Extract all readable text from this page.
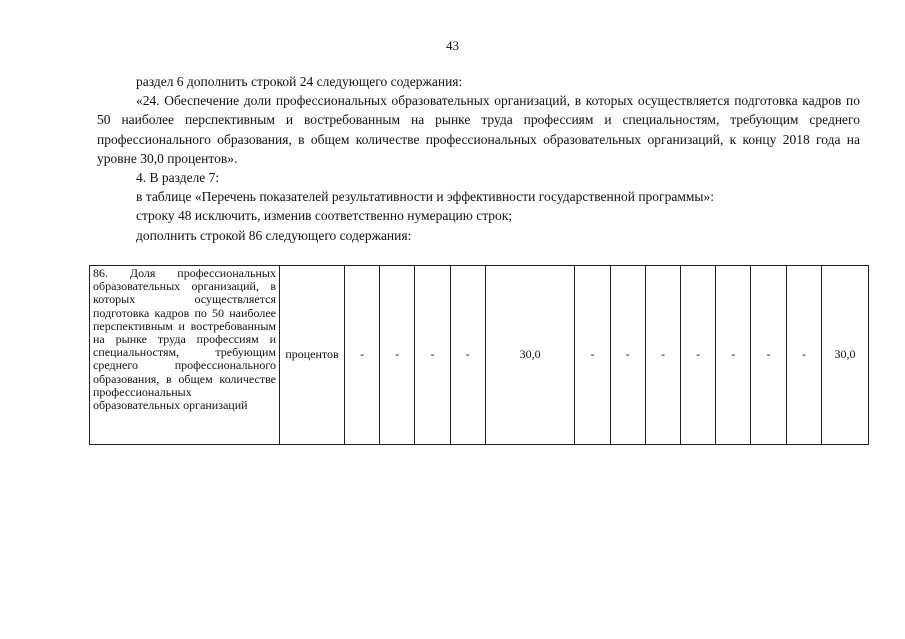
43

раздел 6 дополнить строкой 24 следующего содержания:

«24. Обеспечение доли профессиональных образовательных организаций, в которых осуществляется подготовка кадров по 50 наиболее перспективным и востребованным на рынке труда профессиям и специальностям, требующим среднего профессионального образования, в общем количестве профессиональных образовательных организаций, к концу 2018 года на уровне 30,0 процентов».

4. В разделе 7:

в таблице «Перечень показателей результативности и эффективности государственной программы»:

строку 48 исключить, изменив соответственно нумерацию строк;

дополнить строкой 86 следующего содержания:

86. Доля профессиональных образовательных организаций, в которых осуществляется подготовка кадров по 50 наиболее перспективным и востребованным на рынке труда профессиям и специальностям, требующим среднего профессионального образования, в общем количестве профессиональных образовательных организаций	процентов	-	-	-	-	30,0	-	-	-	-	-	-	-	30,0
